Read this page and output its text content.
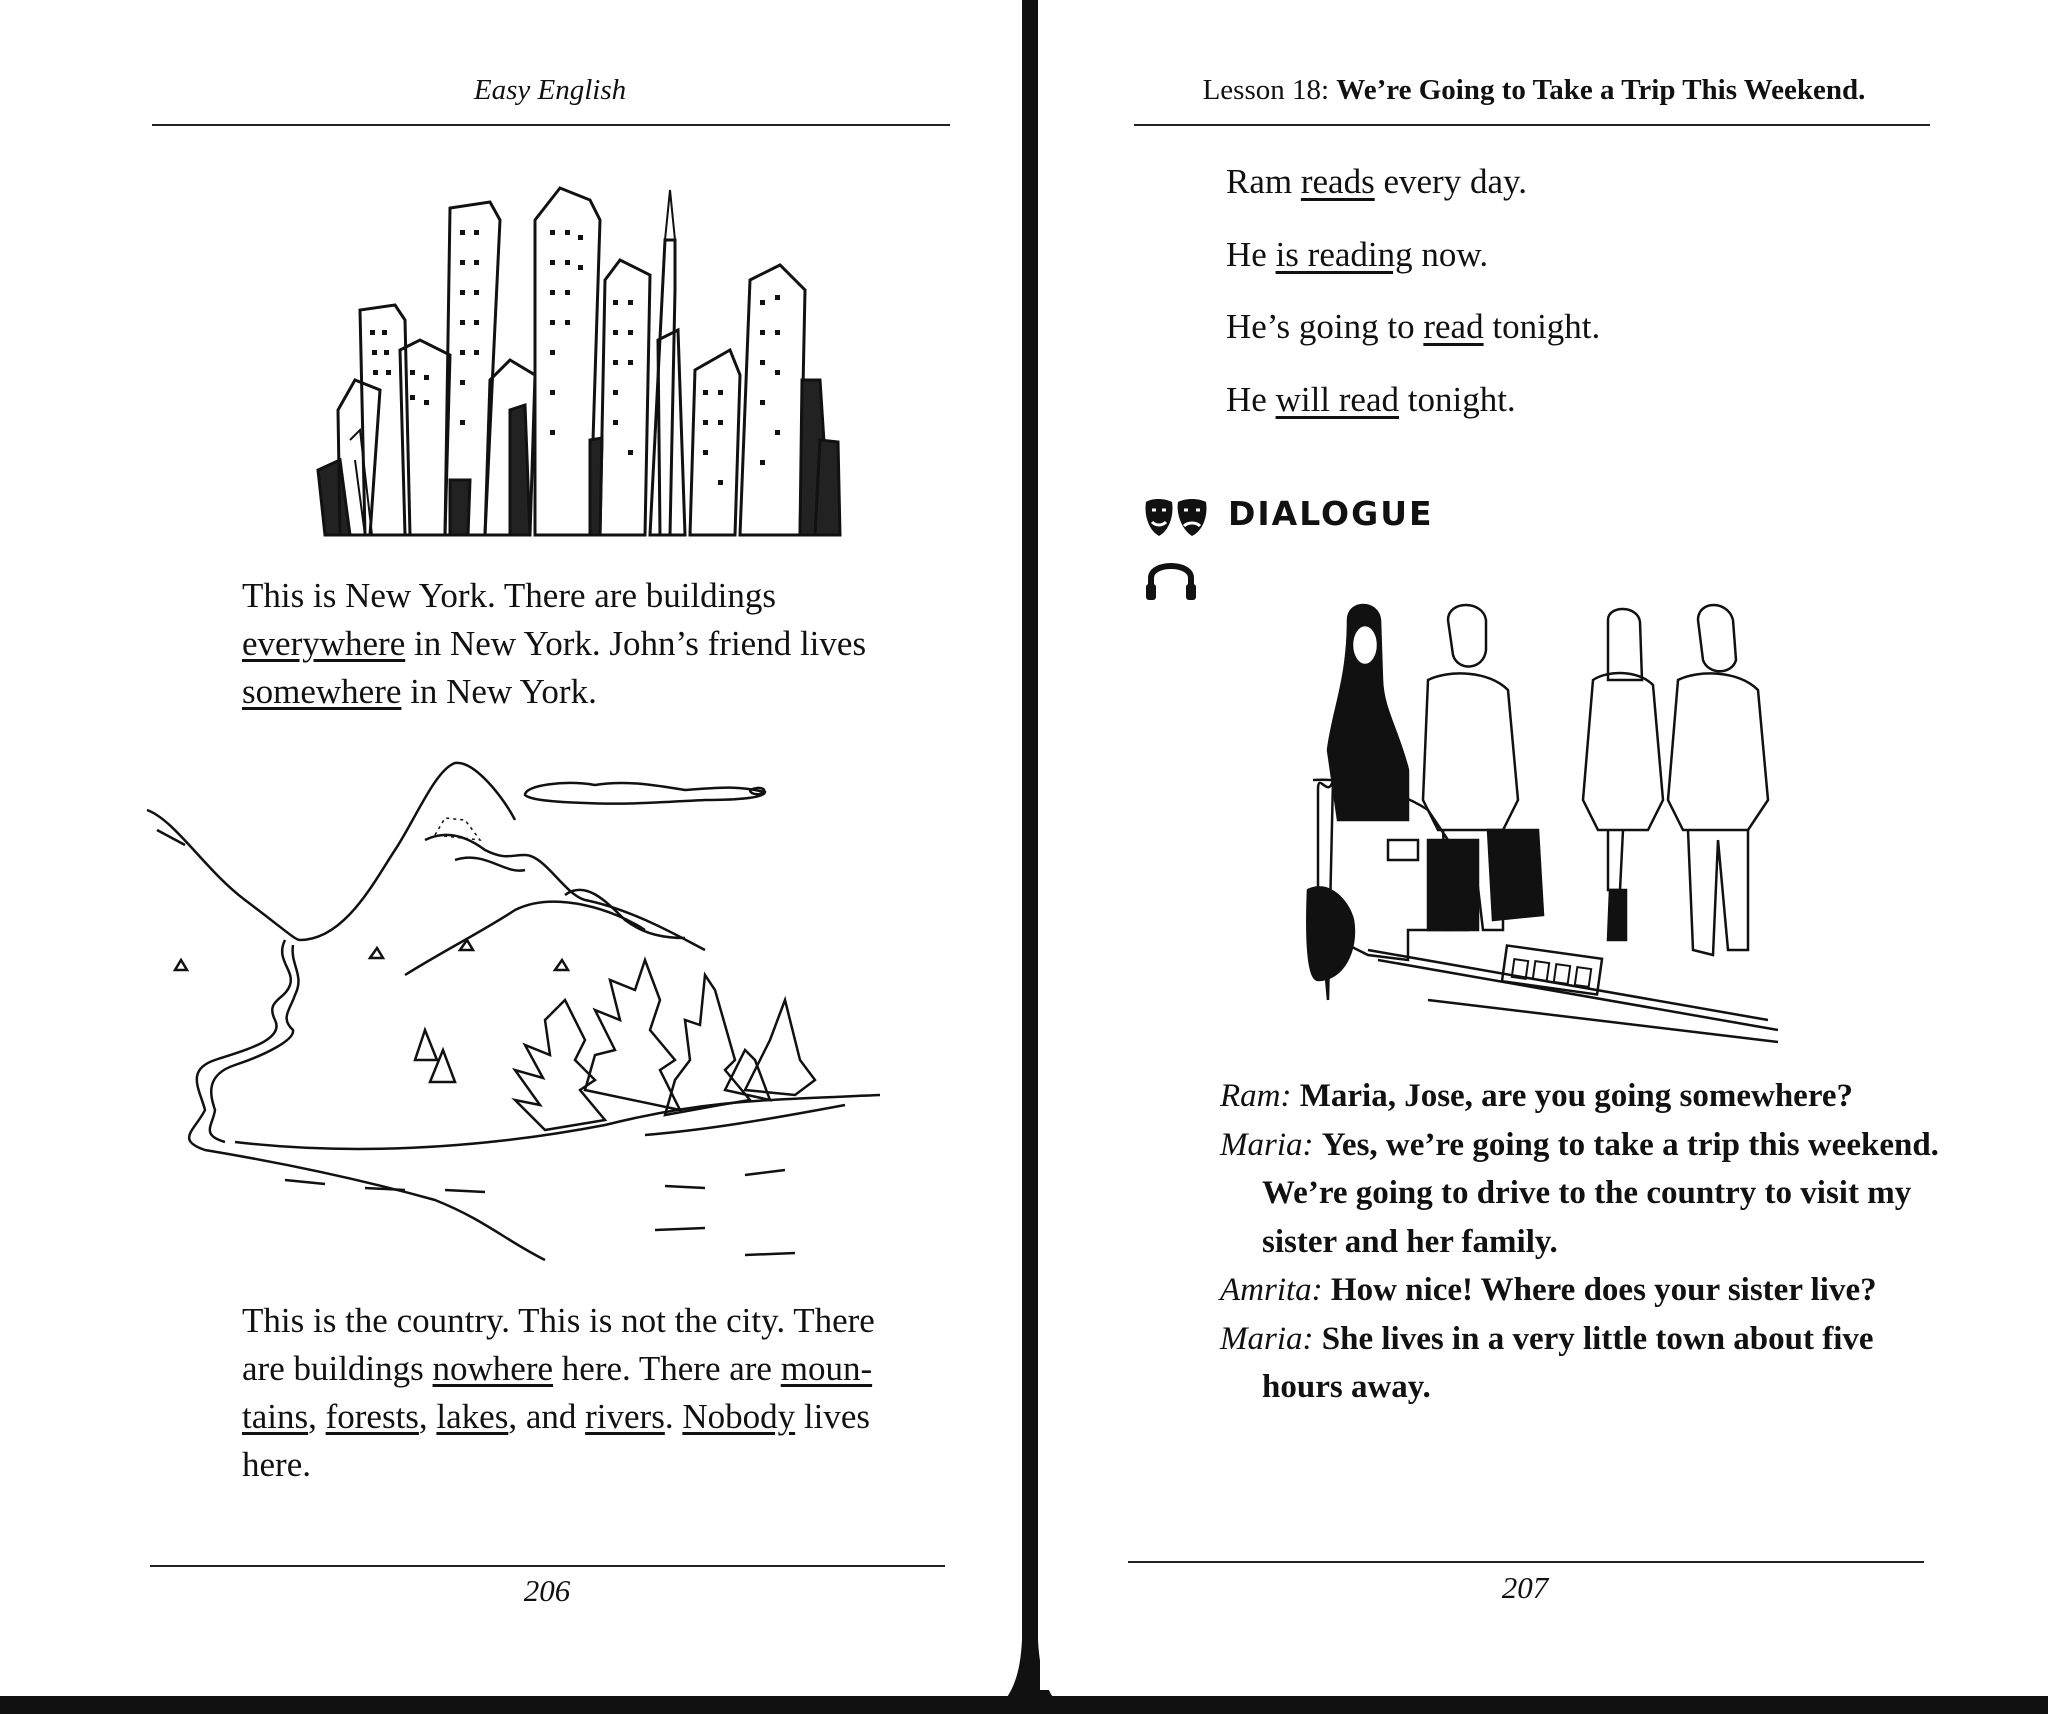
Easy English
This is New York. There are buildings
everywhere in New York. John’s friend lives
somewhere in New York.
This is the country. This is not the city. There
are buildings nowhere here. There are moun-
tains, forests, lakes, and rivers. Nobody lives
here.
206
Lesson 18: We’re Going to Take a Trip This Weekend.

Ram reads every day.

He is reading now.

He’s going to read tonight.

He will read tonight.

DIALOGUE

Ram: Maria, Jose, are you going somewhere?

Maria: Yes, we’re going to take a trip this weekend. We’re going to drive to the country to visit my sister and her family.

Amrita: How nice! Where does your sister live?

Maria: She lives in a very little town about five hours away.

207
